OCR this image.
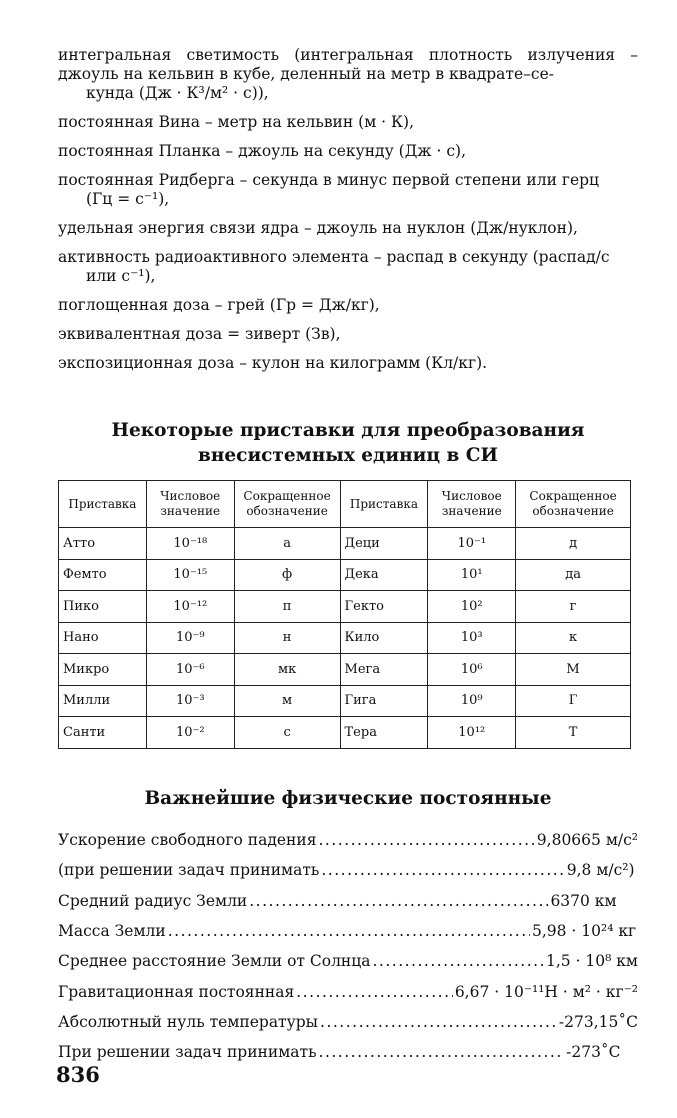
интегральная светимость (интегральная плотность излучения – джоуль на кельвин в кубе, деленный на метр в квадрате–се-
кунда (Дж · К³/м² · с)),
постоянная Вина – метр на кельвин (м · К),
постоянная Планка – джоуль на секунду (Дж · с),
постоянная Ридберга – секунда в минус первой степени или герц
(Гц = с⁻¹),
удельная энергия связи ядра – джоуль на нуклон (Дж/нуклон),
активность радиоактивного элемента – распад в секунду (распад/с
или с⁻¹),
поглощенная доза – грей (Гр = Дж/кг),
эквивалентная доза = зиверт (Зв),
экспозиционная доза – кулон на килограмм (Кл/кг).
Некоторые приставки для преобразования
внесистемных единиц в СИ
Приставка	Числовое значение	Сокращенное обозначение	Приставка	Числовое значение	Сокращенное обозначение
Атто	10⁻¹⁸	а	Деци	10⁻¹	д
Фемто	10⁻¹⁵	ф	Дека	10¹	да
Пико	10⁻¹²	п	Гекто	10²	г
Нано	10⁻⁹	н	Кило	10³	к
Микро	10⁻⁶	мк	Мега	10⁶	М
Милли	10⁻³	м	Гига	10⁹	Г
Санти	10⁻²	с	Тера	10¹²	Т
Важнейшие физические постоянные
Ускорение свободного падения .....	9,80665 м/с²
(при решении задач принимать .....	9,8 м/с²)
Средний радиус Земли .....	6370 км
Масса Земли .....	5,98 · 10²⁴ кг
Среднее расстояние Земли от Солнца .....	1,5 · 10⁸ км
Гравитационная постоянная .....	6,67 · 10⁻¹¹Н · м² · кг⁻²
Абсолютный нуль температуры .....	-273,15˚С
При решении задач принимать .....	-273˚С
836
